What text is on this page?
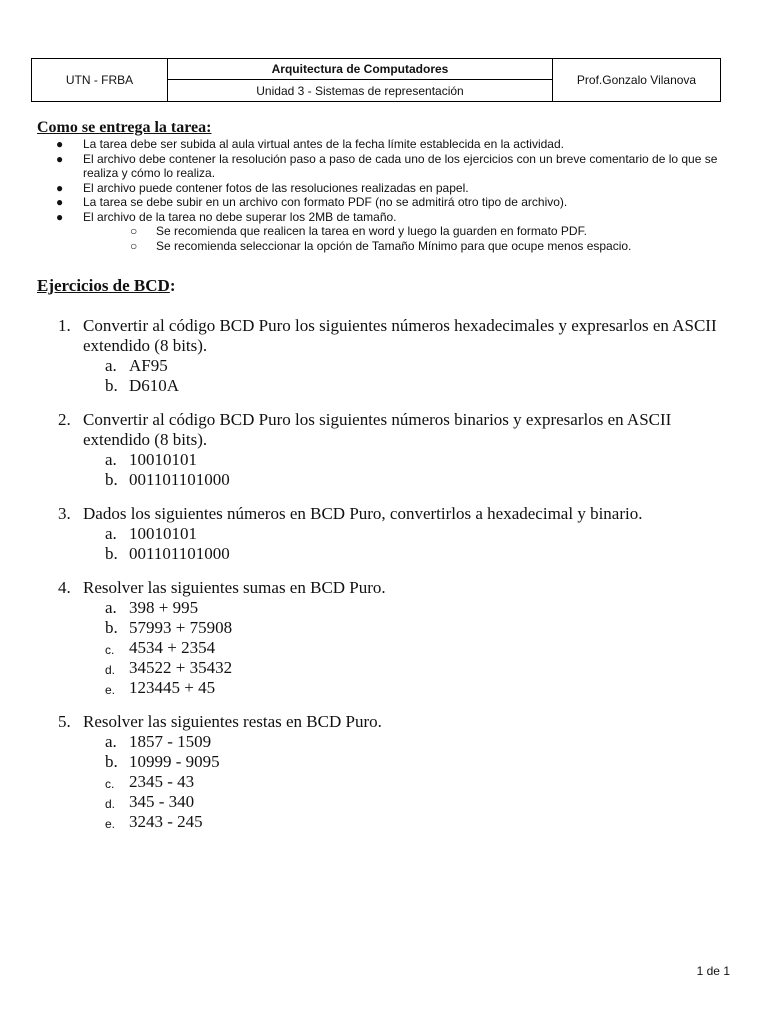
UTN - FRBA
Arquitectura de Computadores
Unidad 3 - Sistemas de representación
Prof.Gonzalo Vilanova
Como se entrega la tarea:
●	La tarea debe ser subida al aula virtual antes de la fecha límite establecida en la actividad.
●	El archivo debe contener la resolución paso a paso de cada uno de los ejercicios con un breve comentario de lo que se realiza y cómo lo realiza.
●	El archivo puede contener fotos de las resoluciones realizadas en papel.
●	La tarea se debe subir en un archivo con formato PDF (no se admitirá otro tipo de archivo).
●	El archivo de la tarea no debe superar los 2MB de tamaño.
○	Se recomienda que realicen la tarea en word y luego la guarden en formato PDF.
○	Se recomienda seleccionar la opción de Tamaño Mínimo para que ocupe menos espacio.
Ejercicios de BCD:
1. Convertir al código BCD Puro los siguientes números hexadecimales y expresarlos en ASCII extendido (8 bits).
a. AF95
b. D610A
2. Convertir al código BCD Puro los siguientes números binarios y expresarlos en ASCII extendido (8 bits).
a. 10010101
b. 001101101000
3. Dados los siguientes números en BCD Puro, convertirlos a hexadecimal y binario.
a. 10010101
b. 001101101000
4. Resolver las siguientes sumas en BCD Puro.
a. 398 + 995
b. 57993 + 75908
c. 4534 + 2354
d. 34522 + 35432
e. 123445 + 45
5. Resolver las siguientes restas en BCD Puro.
a. 1857 - 1509
b. 10999 - 9095
c. 2345 - 43
d. 345 - 340
e. 3243 - 245
1 de 1
